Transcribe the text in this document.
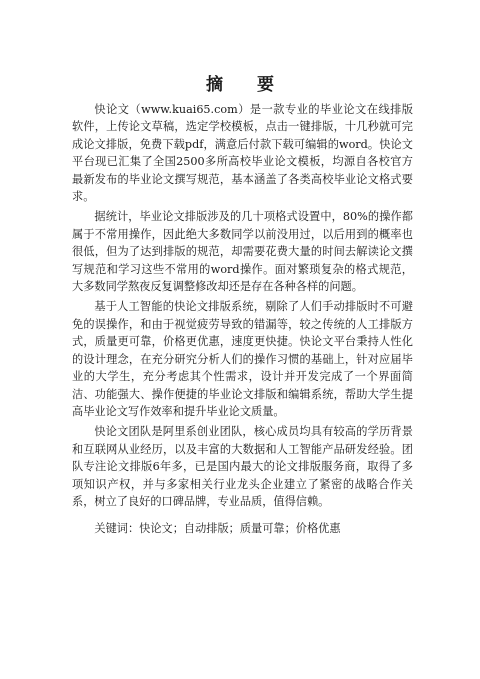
摘 要

快论文（www.kuai65.com）是一款专业的毕业论文在线排版软件，上传论文草稿，选定学校模板，点击一键排版，十几秒就可完成论文排版，免费下载pdf，满意后付款下载可编辑的word。快论文平台现已汇集了全国2500多所高校毕业论文模板，均源自各校官方最新发布的毕业论文撰写规范，基本涵盖了各类高校毕业论文格式要求。

据统计，毕业论文排版涉及的几十项格式设置中，80%的操作都属于不常用操作，因此绝大多数同学以前没用过，以后用到的概率也很低，但为了达到排版的规范，却需要花费大量的时间去解读论文撰写规范和学习这些不常用的word操作。面对繁琐复杂的格式规范，大多数同学熬夜反复调整修改却还是存在各种各样的问题。

基于人工智能的快论文排版系统，剔除了人们手动排版时不可避免的误操作，和由于视觉疲劳导致的错漏等，较之传统的人工排版方式，质量更可靠，价格更优惠，速度更快捷。快论文平台秉持人性化的设计理念，在充分研究分析人们的操作习惯的基础上，针对应届毕业的大学生，充分考虑其个性需求，设计并开发完成了一个界面简洁、功能强大、操作便捷的毕业论文排版和编辑系统，帮助大学生提高毕业论文写作效率和提升毕业论文质量。

快论文团队是阿里系创业团队，核心成员均具有较高的学历背景和互联网从业经历，以及丰富的大数据和人工智能产品研发经验。团队专注论文排版6年多，已是国内最大的论文排版服务商，取得了多项知识产权，并与多家相关行业龙头企业建立了紧密的战略合作关系，树立了良好的口碑品牌，专业品质，值得信赖。

关键词：快论文；自动排版；质量可靠；价格优惠
